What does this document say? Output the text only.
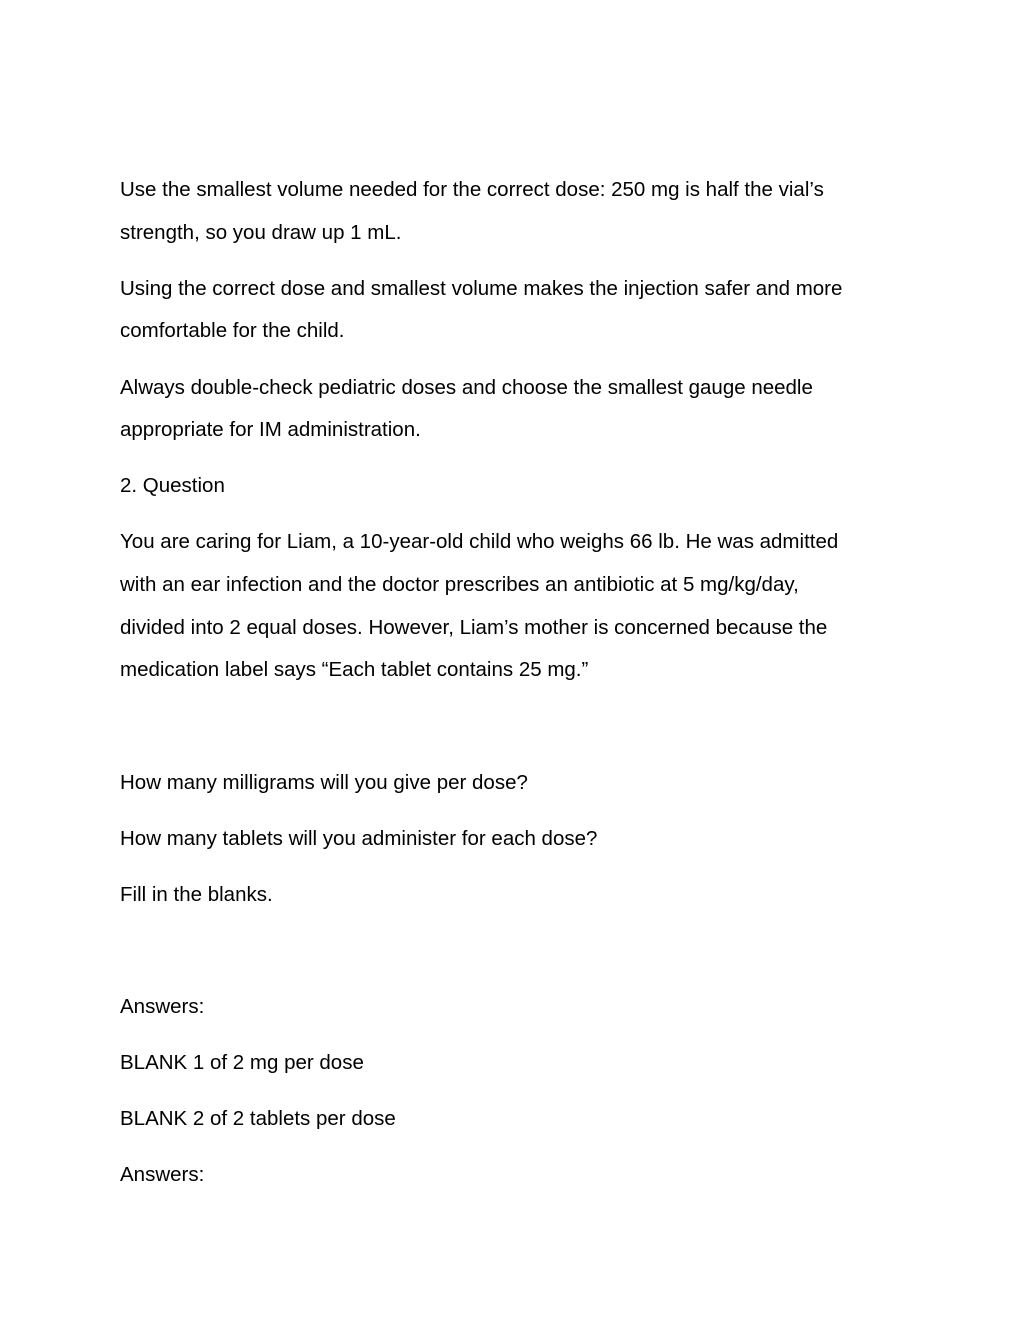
Use the smallest volume needed for the correct dose: 250 mg is half the vial’s
strength, so you draw up 1 mL.
Using the correct dose and smallest volume makes the injection safer and more
comfortable for the child.
Always double-check pediatric doses and choose the smallest gauge needle
appropriate for IM administration.
2. Question
You are caring for Liam, a 10-year-old child who weighs 66 lb. He was admitted
with an ear infection and the doctor prescribes an antibiotic at 5 mg/kg/day,
divided into 2 equal doses. However, Liam’s mother is concerned because the
medication label says “Each tablet contains 25 mg.”
How many milligrams will you give per dose?
How many tablets will you administer for each dose?
Fill in the blanks.
Answers:
BLANK 1 of 2 mg per dose
BLANK 2 of 2 tablets per dose
Answers:
